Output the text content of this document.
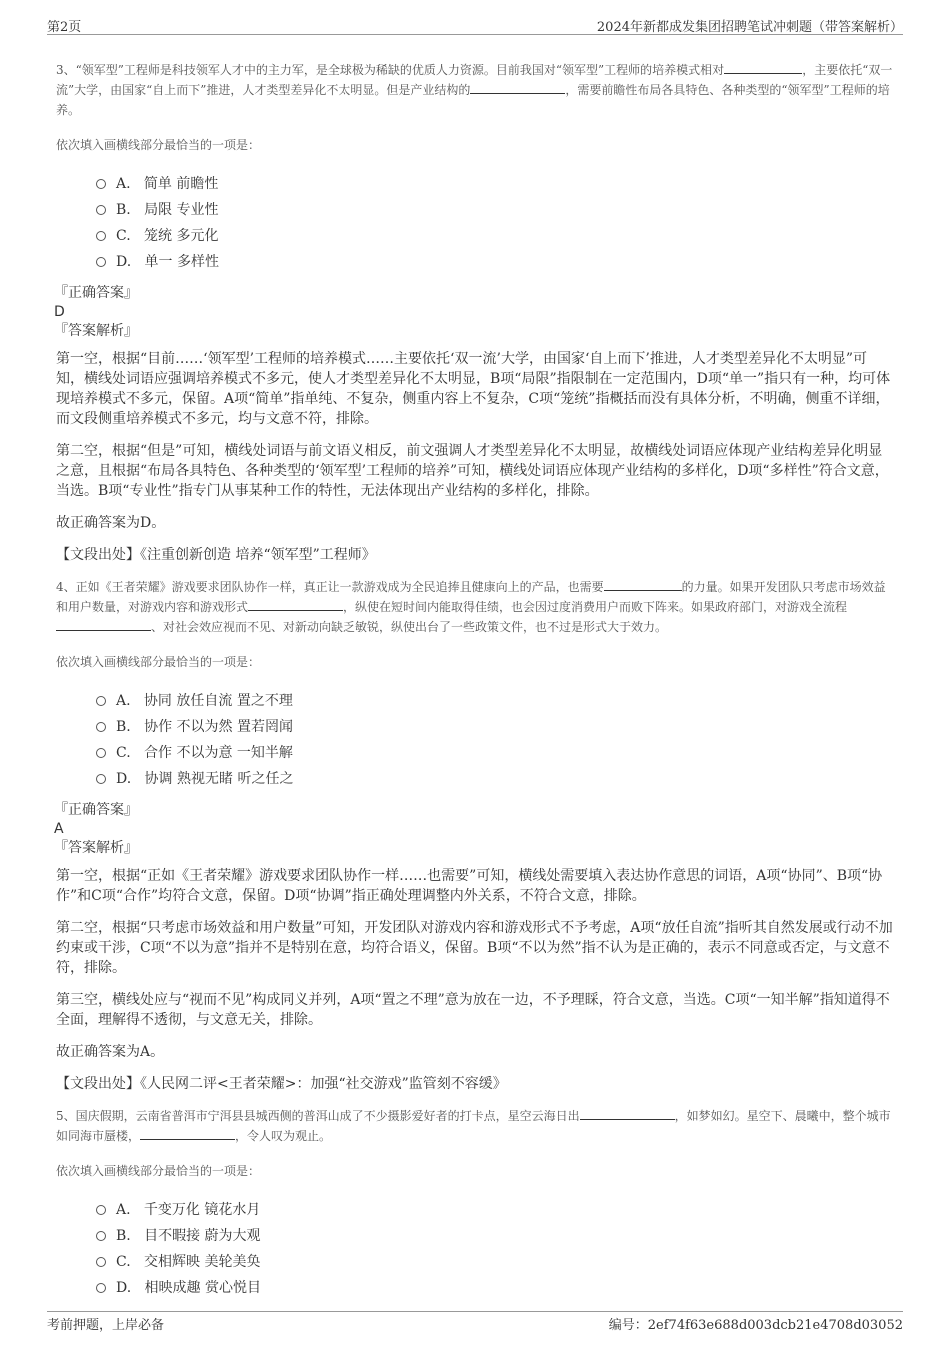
第2页	2024年新都成发集团招聘笔试冲刺题（带答案解析）
3、“领军型”工程师是科技领军人才中的主力军，是全球极为稀缺的优质人力资源。目前我国对“领军型”工程师的培养模式相对	，主要依托“双一流”大学，由国家“自上而下”推进，人才类型差异化不太明显。但是产业结构的	，需要前瞻性布局各具特色、各种类型的“领军型”工程师的培养。
依次填入画横线部分最恰当的一项是：
A. 简单 前瞻性
B. 局限 专业性
C. 笼统 多元化
D. 单一 多样性
『正确答案』
D
『答案解析』
第一空，根据“目前……‘领军型’工程师的培养模式……主要依托‘双一流’大学，由国家‘自上而下’推进，人才类型差异化不太明显”可知，横线处词语应强调培养模式不多元，使人才类型差异化不太明显，B项“局限”指限制在一定范围内，D项“单一”指只有一种，均可体现培养模式不多元，保留。A项“简单”指单纯、不复杂，侧重内容上不复杂，C项“笼统”指概括而没有具体分析，不明确，侧重不详细，而文段侧重培养模式不多元，均与文意不符，排除。
第二空，根据“但是”可知，横线处词语与前文语义相反，前文强调人才类型差异化不太明显，故横线处词语应体现产业结构差异化明显之意，且根据“布局各具特色、各种类型的‘领军型’工程师的培养”可知，横线处词语应体现产业结构的多样化，D项“多样性”符合文意，当选。B项“专业性”指专门从事某种工作的特性，无法体现出产业结构的多样化，排除。
故正确答案为D。
【文段出处】《注重创新创造 培养“领军型”工程师》
4、正如《王者荣耀》游戏要求团队协作一样，真正让一款游戏成为全民追捧且健康向上的产品，也需要	的力量。如果开发团队只考虑市场效益和用户数量，对游戏内容和游戏形式	，纵使在短时间内能取得佳绩，也会因过度消费用户而败下阵来。如果政府部门，对游戏全流程、对社会效应视而不见、对新动向缺乏敏锐，纵使出台了一些政策文件，也不过是形式大于效力。
依次填入画横线部分最恰当的一项是：
A. 协同 放任自流 置之不理
B. 协作 不以为然 置若罔闻
C. 合作 不以为意 一知半解
D. 协调 熟视无睹 听之任之
『正确答案』
A
『答案解析』
第一空，根据“正如《王者荣耀》游戏要求团队协作一样……也需要”可知，横线处需要填入表达协作意思的词语，A项“协同”、B项“协作”和C项“合作”均符合文意，保留。D项“协调”指正确处理调整内外关系，不符合文意，排除。
第二空，根据“只考虑市场效益和用户数量”可知，开发团队对游戏内容和游戏形式不予考虑，A项“放任自流”指听其自然发展或行动不加约束或干涉，C项“不以为意”指并不是特别在意，均符合语义，保留。B项“不以为然”指不认为是正确的，表示不同意或否定，与文意不符，排除。
第三空，横线处应与“视而不见”构成同义并列，A项“置之不理”意为放在一边，不予理睬，符合文意，当选。C项“一知半解”指知道得不全面，理解得不透彻，与文意无关，排除。
故正确答案为A。
【文段出处】《人民网二评<王者荣耀>：加强“社交游戏”监管刻不容缓》
5、国庆假期，云南省普洱市宁洱县县城西侧的普洱山成了不少摄影爱好者的打卡点，星空云海日出	，如梦如幻。星空下、晨曦中，整个城市如同海市蜃楼，	，令人叹为观止。
依次填入画横线部分最恰当的一项是：
A. 千变万化 镜花水月
B. 目不暇接 蔚为大观
C. 交相辉映 美轮美奂
D. 相映成趣 赏心悦目
考前押题，上岸必备	编号：2ef74f63e688d003dcb21e4708d03052
